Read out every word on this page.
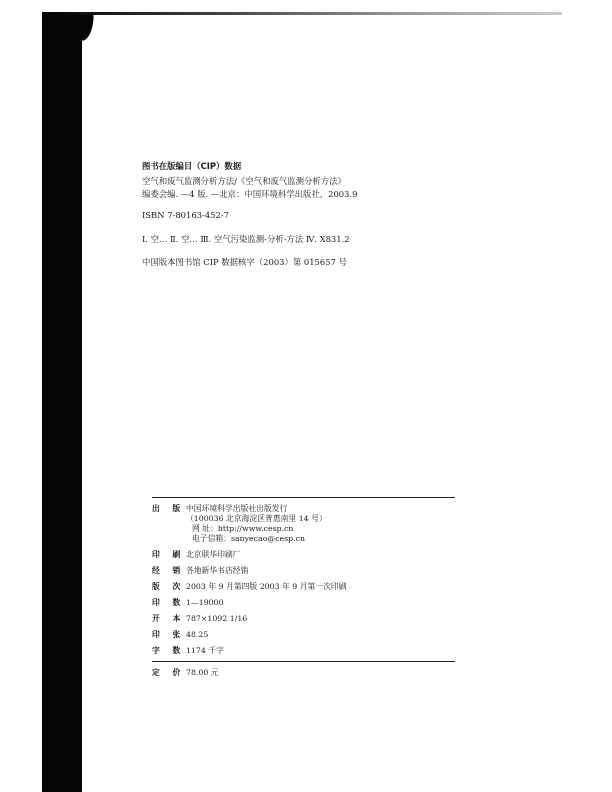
图书在版编目（CIP）数据
空气和废气监测分析方法/《空气和废气监测分析方法》
编委会编. —4 版. —北京：中国环境科学出版社，2003.9
ISBN 7-80163-452-7
Ⅰ. 空… Ⅱ. 空… Ⅲ. 空气污染监测-分析-方法 Ⅳ. X831.2
中国版本图书馆 CIP 数据核字（2003）第 015657 号
出 版 中国环境科学出版社出版发行
（100036 北京海淀区普惠南里 14 号）
网 址：http://www.cesp.cn
电子信箱：sanyecao@cesp.cn
印 刷 北京联华印刷厂
经 销 各地新华书店经销
版 次 2003 年 9 月第四版 2003 年 9 月第一次印刷
印 数 1—19000
开 本 787×1092 1/16
印 张 48.25
字 数 1174 千字
定 价 78.00 元
